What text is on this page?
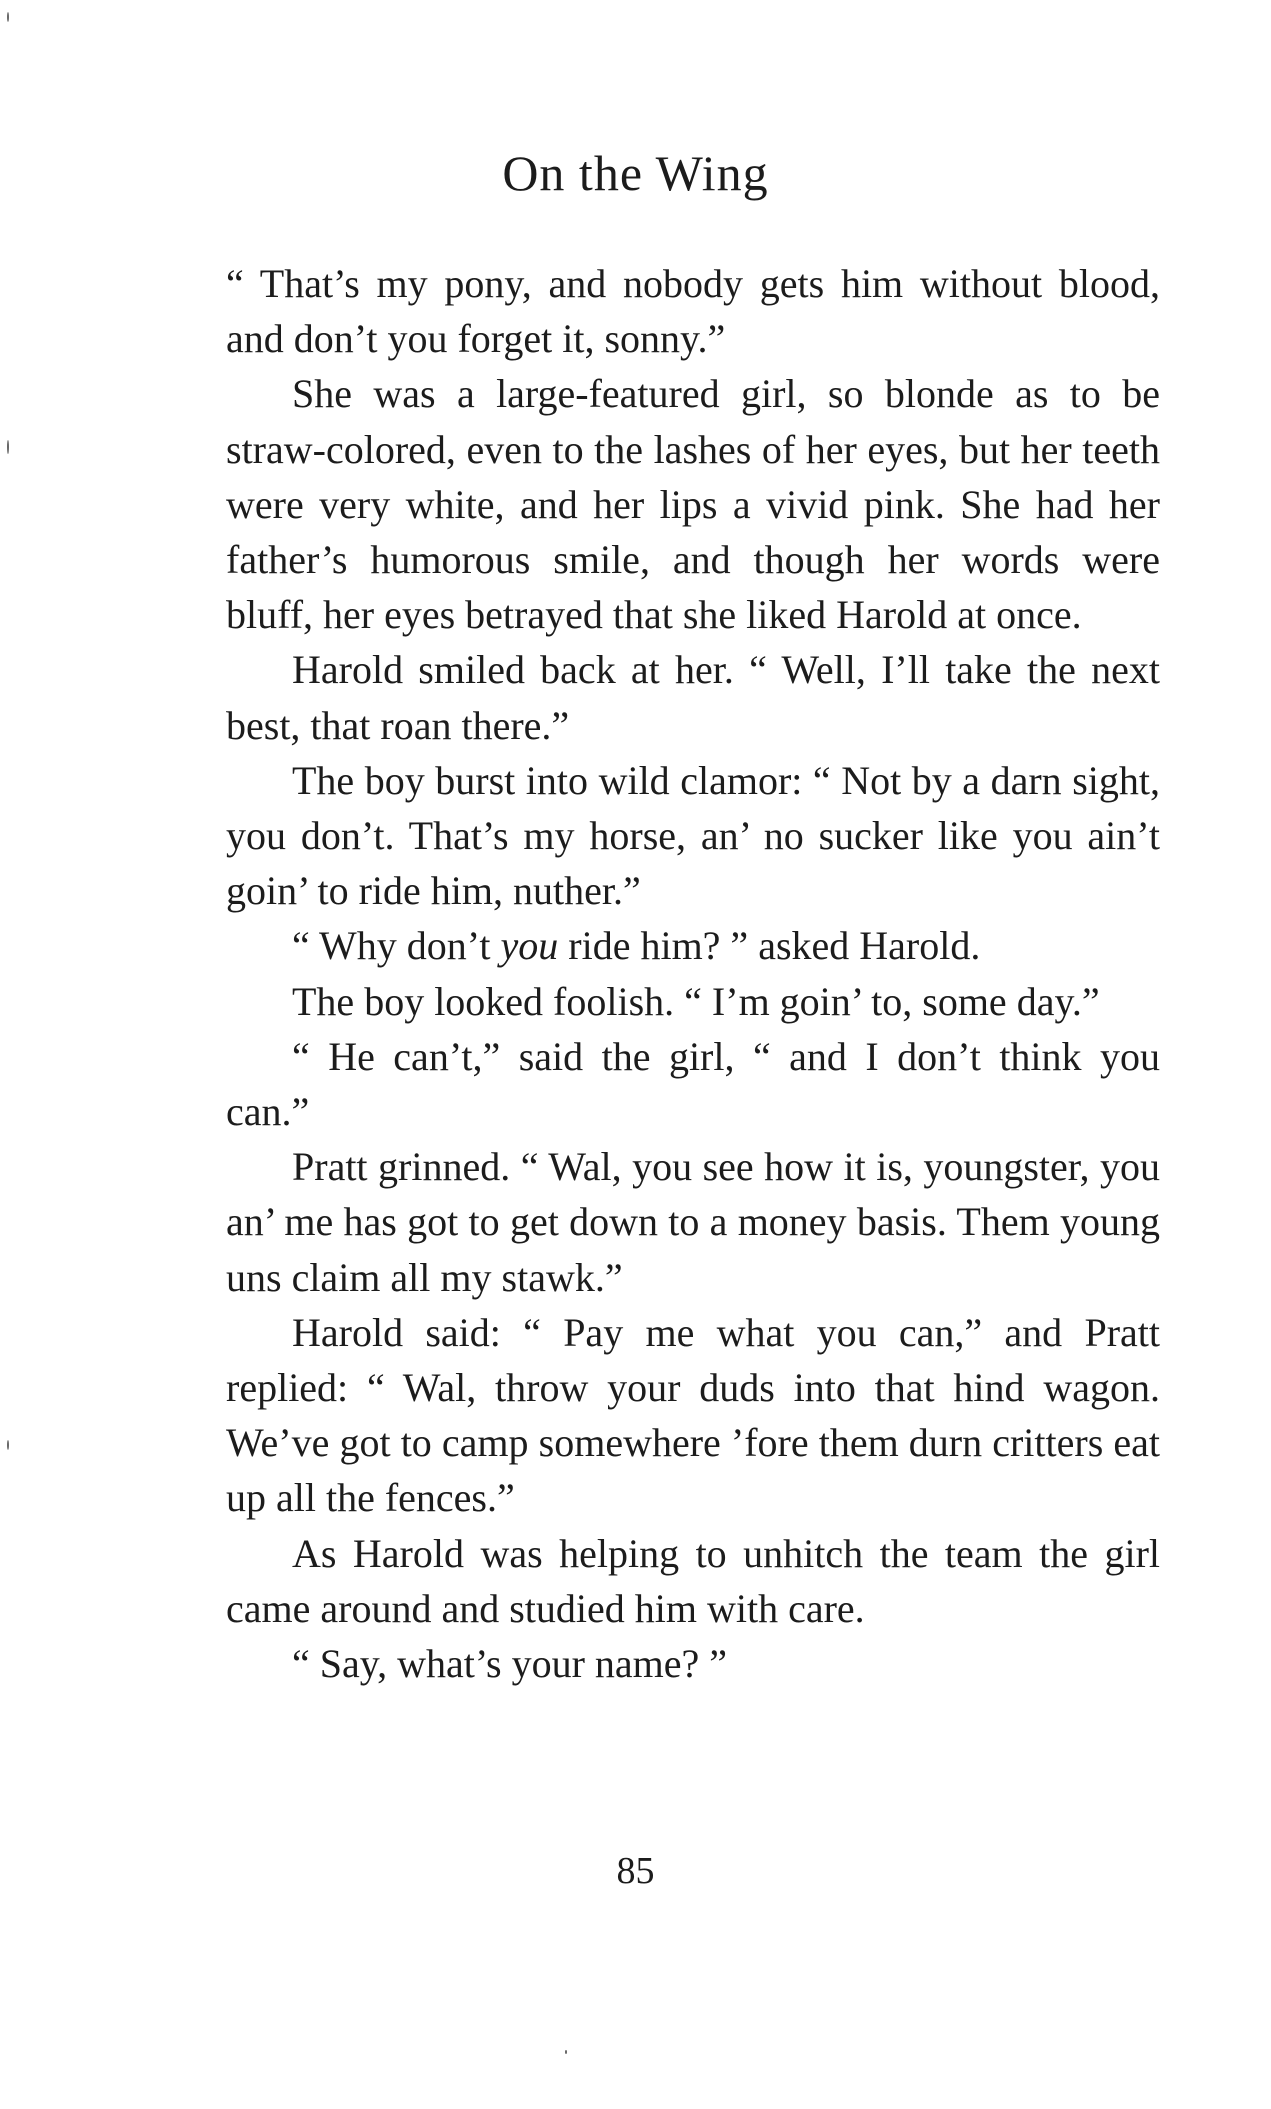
On the Wing

“ That’s my pony, and nobody gets him without blood, and don’t you forget it, sonny.”

She was a large-featured girl, so blonde as to be straw-colored, even to the lashes of her eyes, but her teeth were very white, and her lips a vivid pink. She had her father’s humorous smile, and though her words were bluff, her eyes betrayed that she liked Harold at once.

Harold smiled back at her. “ Well, I’ll take the next best, that roan there.”

The boy burst into wild clamor: “ Not by a darn sight, you don’t. That’s my horse, an’ no sucker like you ain’t goin’ to ride him, nuther.”

“ Why don’t you ride him? ” asked Harold.

The boy looked foolish. “ I’m goin’ to, some day.”

“ He can’t,” said the girl, “ and I don’t think you can.”

Pratt grinned. “ Wal, you see how it is, youngster, you an’ me has got to get down to a money basis. Them young uns claim all my stawk.”

Harold said: “ Pay me what you can,” and Pratt replied: “ Wal, throw your duds into that hind wagon. We’ve got to camp somewhere ’fore them durn critters eat up all the fences.”

As Harold was helping to unhitch the team the girl came around and studied him with care.

“ Say, what’s your name? ”

85
